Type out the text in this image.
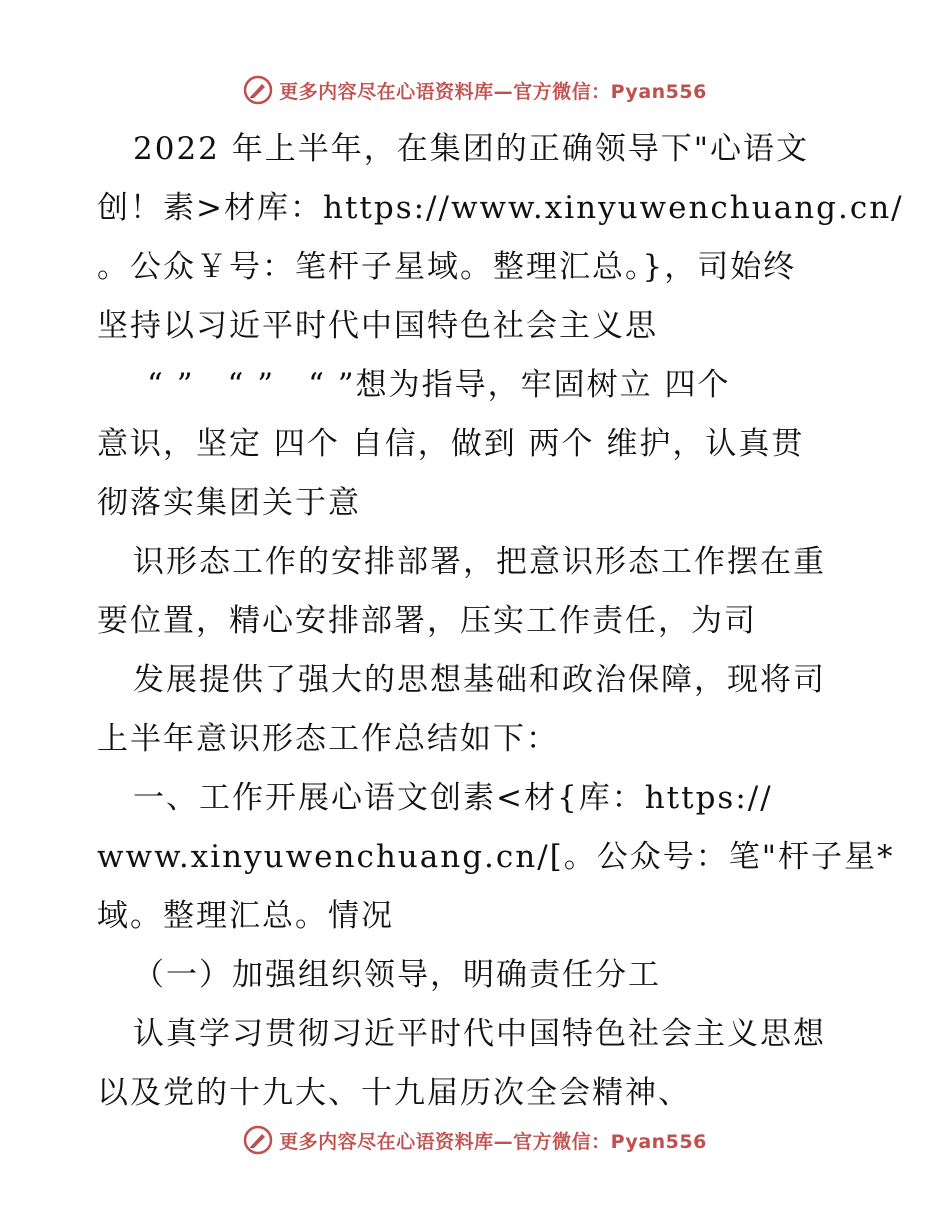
更多内容尽在心语资料库—官方微信：Pyan556
2022 年上半年，在集团的正确领导下"心语文
创！素>材库：https://www.xinyuwenchuang.cn/
。公众￥号：笔杆子星域。整理汇总。}，司始终
坚持以习近平时代中国特色社会主义思
“ ”　“ ”　“ ”想为指导，牢固树立 四个
意识，坚定 四个 自信，做到 两个 维护，认真贯
彻落实集团关于意
识形态工作的安排部署，把意识形态工作摆在重
要位置，精心安排部署，压实工作责任，为司
发展提供了强大的思想基础和政治保障，现将司
上半年意识形态工作总结如下：
一、工作开展心语文创素<材{库：https://
www.xinyuwenchuang.cn/[。公众号：笔"杆子星*
域。整理汇总。情况
（一）加强组织领导，明确责任分工
认真学习贯彻习近平时代中国特色社会主义思想
以及党的十九大、十九届历次全会精神、
更多内容尽在心语资料库—官方微信：Pyan556
